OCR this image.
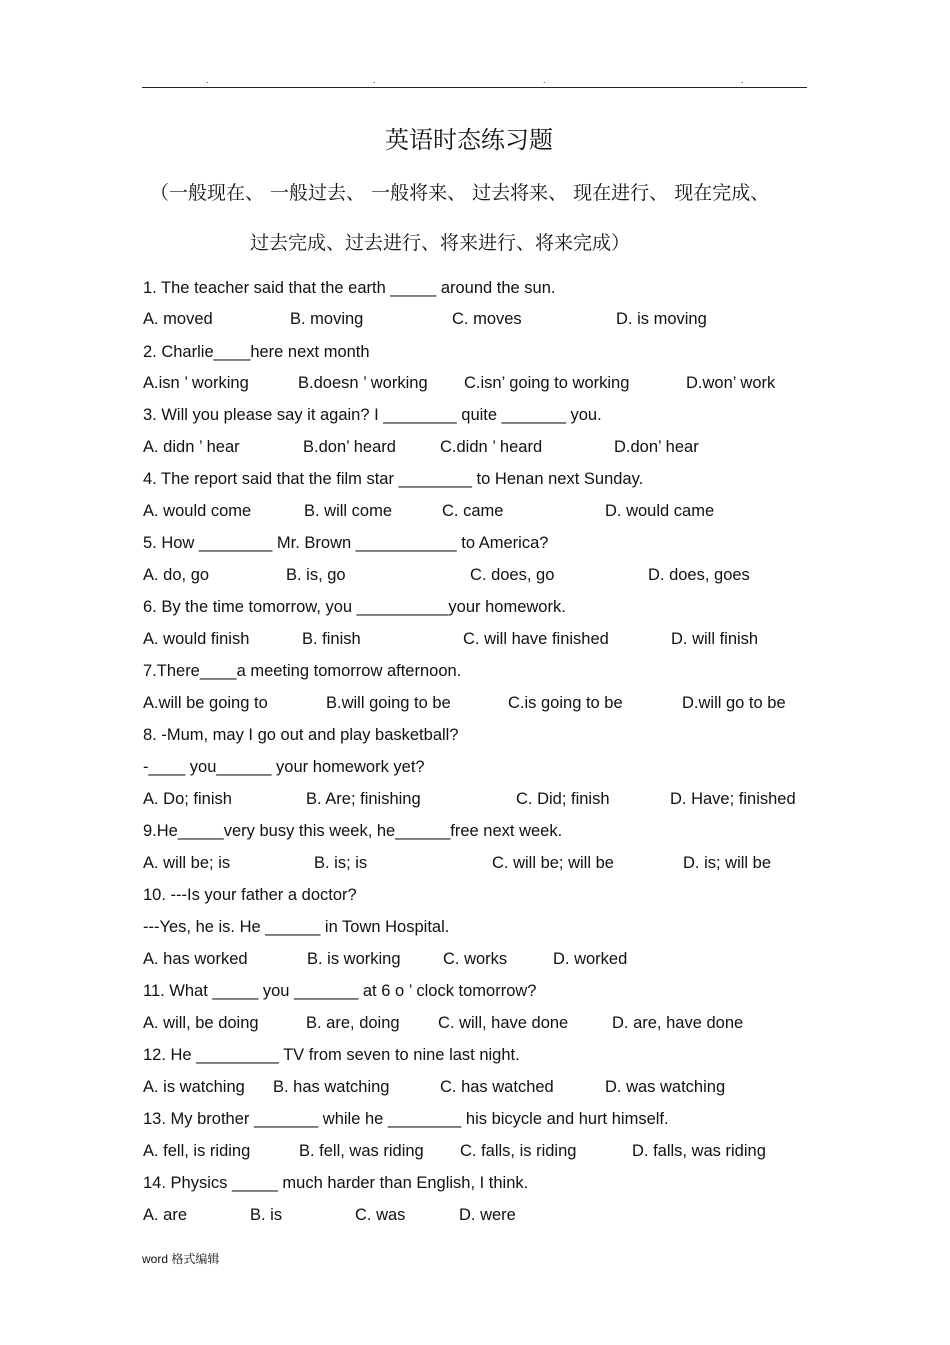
.	.	.	.
英语时态练习题
（一般现在、 一般过去、 一般将来、 过去将来、 现在进行、 现在完成、
过去完成、过去进行、将来进行、将来完成）
1. The teacher said that the earth _____ around the sun.
A. moved	B. moving	C. moves	D. is moving
2. Charlie____here next month
A.isn ’ working	B.doesn ’ working C.isn’ going to working	D.won’ work
3. Will you please say it again? I ________ quite _______ you.
A. didn ’ hear	B.don’ heard	C.didn ’ heard	D.don’ hear
4. The report said that the film star ________ to Henan next Sunday.
A. would come	B. will come	C. came	D. would came
5. How ________ Mr. Brown ___________ to America?
A. do, go	B. is, go	C. does, go	D. does, goes
6. By the time tomorrow, you __________your homework.
A. would finish	B. finish	C. will have finished	D. will finish
7.There____a meeting tomorrow afternoon.
A.will be going to	B.will going to be	C.is going to be	D.will go to be
8. -Mum, may I go out and play basketball?
-____ you______ your homework yet?
A. Do; finish	B. Are; finishing	C. Did; finish	D. Have; finished
9.He_____very busy this week, he______free next week.
A. will be; is	B. is; is	C. will be; will be	D. is; will be
10. ---Is your father a doctor?
---Yes, he is. He ______ in Town Hospital.
A. has worked	B. is working	C. works	D. worked
11. What _____ you _______ at 6 o ’ clock tomorrow?
A. will, be doing	B. are, doing C. will, have done	D. are, have done
12. He _________ TV from seven to nine last night.
A. is watching B. has watching	C. has watched	D. was watching
13. My brother _______ while he ________ his bicycle and hurt himself.
A. fell, is riding	B. fell, was riding C. falls, is riding	D. falls, was riding
14. Physics _____ much harder than English, I think.
A. are	B. is	C. was	D. were
word 格式编辑
